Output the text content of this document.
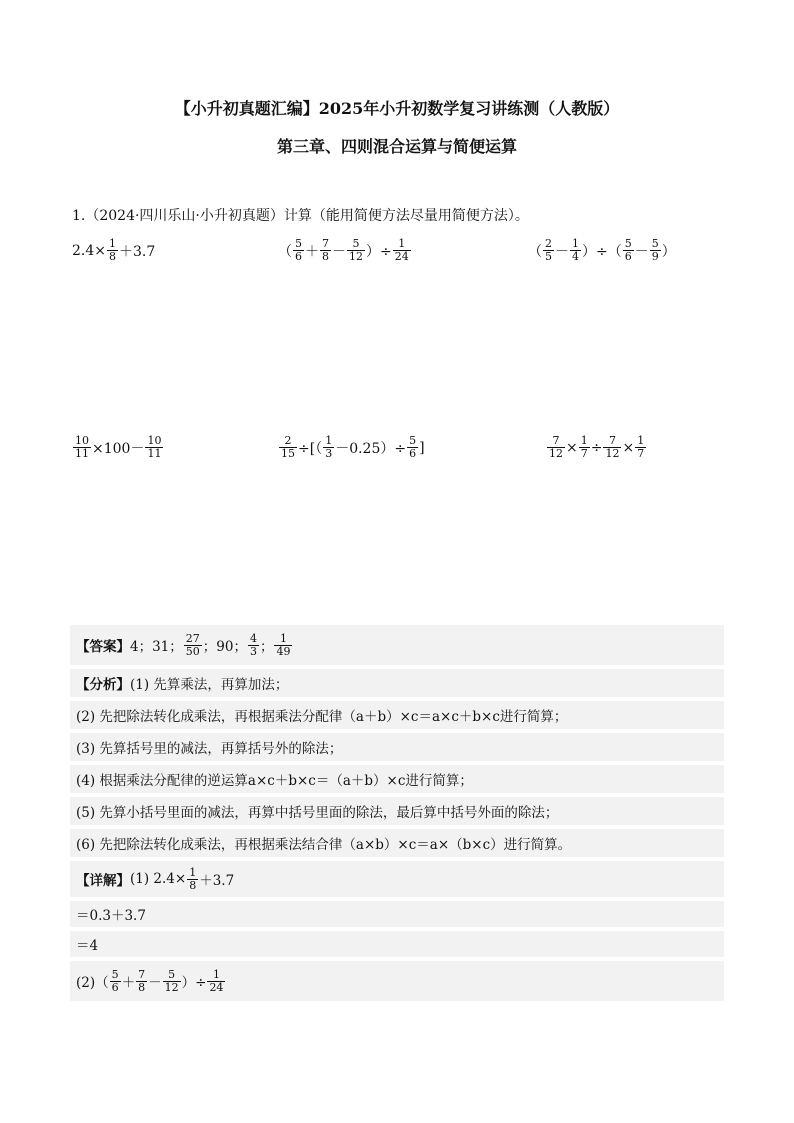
【小升初真题汇编】2025年小升初数学复习讲练测（人教版）
第三章、四则混合运算与简便运算
1.（2024·四川乐山·小升初真题）计算（能用简便方法尽量用简便方法）。
$2.4\times \frac{1}{8} +3.7$	（ $\frac{5}{6} + \frac{7}{8} - \frac{5}{12}$ ）÷ $\frac{1}{24}$	（ $\frac{2}{5} - \frac{1}{4}$ ）÷（ $\frac{5}{6} - \frac{5}{9}$ ）
$\frac{10}{11} \times 100- \frac{10}{11}$	$\frac{2}{15}$ ÷[（ $\frac{1}{3} -0.25)\div \frac{5}{6}$ ]	$\frac{7}{12} \times \frac{1}{7} \div \frac{7}{12} \times \frac{1}{7}$
【答案】 4；31； $\frac{27}{50}$ ；90； $\frac{4}{3}$ ； $\frac{1}{49}$
【分析】 (1) 先算乘法，再算加法；
(2) 先把除法转化成乘法，再根据乘法分配律（a＋b）×c＝a×c＋b×c进行简算；
(3) 先算括号里的减法，再算括号外的除法；
(4) 根据乘法分配律的逆运算a×c＋b×c＝（a＋b）×c进行简算；
(5) 先算小括号里面的减法，再算中括号里面的除法，最后算中括号外面的除法；
(6) 先把除法转化成乘法，再根据乘法结合律（a×b）×c＝a×（b×c）进行简算。
【详解】 (1) $2.4\times \frac{1}{8} +3.7$
＝0.3＋3.7
＝4
$(2)( \frac{5}{6} + \frac{7}{8} - \frac{5}{12}$ ）÷ $\frac{1}{24}$
